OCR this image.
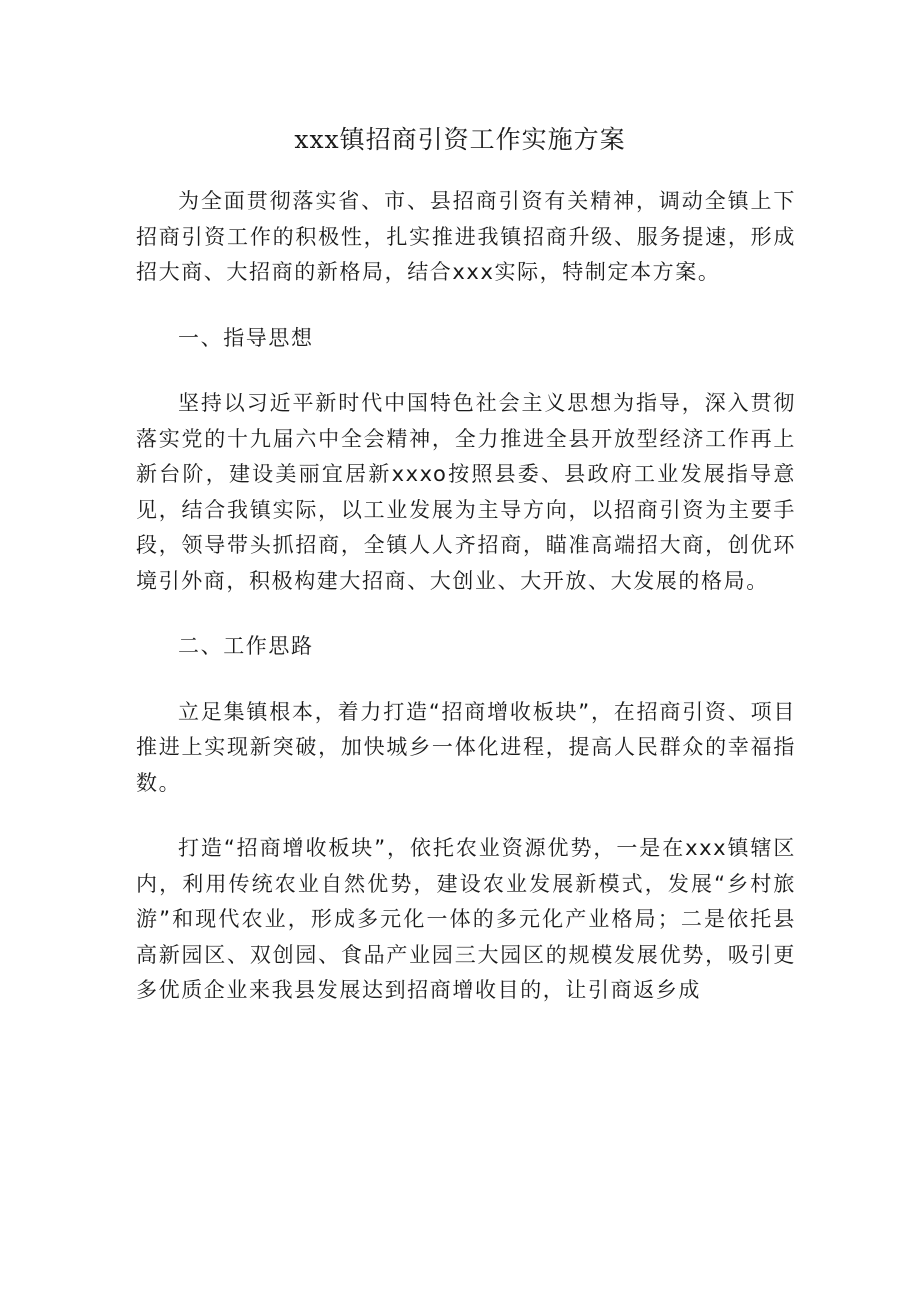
xxx镇招商引资工作实施方案

为全面贯彻落实省、市、县招商引资有关精神，调动全镇上下招商引资工作的积极性，扎实推进我镇招商升级、服务提速，形成招大商、大招商的新格局，结合xxx实际，特制定本方案。

一、指导思想

坚持以习近平新时代中国特色社会主义思想为指导，深入贯彻落实党的十九届六中全会精神，全力推进全县开放型经济工作再上新台阶，建设美丽宜居新xxxo按照县委、县政府工业发展指导意见，结合我镇实际，以工业发展为主导方向，以招商引资为主要手段，领导带头抓招商，全镇人人齐招商，瞄准高端招大商，创优环境引外商，积极构建大招商、大创业、大开放、大发展的格局。

二、工作思路

立足集镇根本，着力打造“招商增收板块”，在招商引资、项目推进上实现新突破，加快城乡一体化进程，提高人民群众的幸福指数。

打造“招商增收板块”，依托农业资源优势，一是在xxx镇辖区内，利用传统农业自然优势，建设农业发展新模式，发展“乡村旅游”和现代农业，形成多元化一体的多元化产业格局；二是依托县高新园区、双创园、食品产业园三大园区的规模发展优势，吸引更多优质企业来我县发展达到招商增收目的，让引商返乡成
